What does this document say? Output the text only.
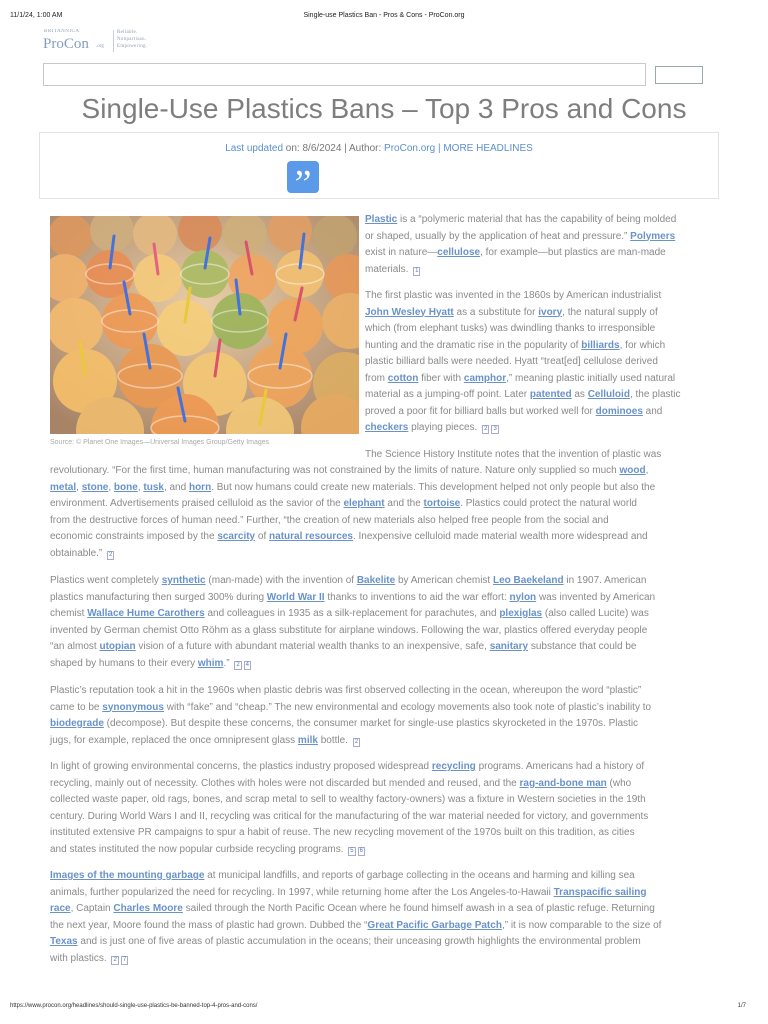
11/1/24, 1:00 AM	Single-use Plastics Ban - Pros & Cons - ProCon.org
BRITANNICA
ProCon .org
Reliable.
Nonpartisan.
Empowering.
Single-Use Plastics Bans – Top 3 Pros and Cons
Last updated on: 8/6/2024 | Author: ProCon.org | MORE HEADLINES
”
Source: © Planet One Images—Universal Images Group/Getty Images
Plastic is a “polymeric material that has the capability of being molded
or shaped, usually by the application of heat and pressure.” Polymers
exist in nature—cellulose, for example—but plastics are man-made
materials. 1
The first plastic was invented in the 1860s by American industrialist
John Wesley Hyatt as a substitute for ivory, the natural supply of
which (from elephant tusks) was dwindling thanks to irresponsible
hunting and the dramatic rise in the popularity of billiards, for which
plastic billiard balls were needed. Hyatt “treat[ed] cellulose derived
from cotton fiber with camphor,” meaning plastic initially used natural
material as a jumping-off point. Later patented as Celluloid, the plastic
proved a poor fit for billiard balls but worked well for dominoes and
checkers playing pieces. 2 3
The Science History Institute notes that the invention of plastic was
revolutionary. “For the first time, human manufacturing was not constrained by the limits of nature. Nature only supplied so much wood,
metal, stone, bone, tusk, and horn. But now humans could create new materials. This development helped not only people but also the
environment. Advertisements praised celluloid as the savior of the elephant and the tortoise. Plastics could protect the natural world
from the destructive forces of human need.” Further, “the creation of new materials also helped free people from the social and
economic constraints imposed by the scarcity of natural resources. Inexpensive celluloid made material wealth more widespread and
obtainable.” 2
Plastics went completely synthetic (man-made) with the invention of Bakelite by American chemist Leo Baekeland in 1907. American
plastics manufacturing then surged 300% during World War II thanks to inventions to aid the war effort: nylon was invented by American
chemist Wallace Hume Carothers and colleagues in 1935 as a silk-replacement for parachutes, and plexiglas (also called Lucite) was
invented by German chemist Otto Röhm as a glass substitute for airplane windows. Following the war, plastics offered everyday people
“an almost utopian vision of a future with abundant material wealth thanks to an inexpensive, safe, sanitary substance that could be
shaped by humans to their every whim.” 2 4
Plastic’s reputation took a hit in the 1960s when plastic debris was first observed collecting in the ocean, whereupon the word “plastic”
came to be synonymous with “fake” and “cheap.” The new environmental and ecology movements also took note of plastic’s inability to
biodegrade (decompose). But despite these concerns, the consumer market for single-use plastics skyrocketed in the 1970s. Plastic
jugs, for example, replaced the once omnipresent glass milk bottle. 2
In light of growing environmental concerns, the plastics industry proposed widespread recycling programs. Americans had a history of
recycling, mainly out of necessity. Clothes with holes were not discarded but mended and reused, and the rag-and-bone man (who
collected waste paper, old rags, bones, and scrap metal to sell to wealthy factory-owners) was a fixture in Western societies in the 19th
century. During World Wars I and II, recycling was critical for the manufacturing of the war material needed for victory, and governments
instituted extensive PR campaigns to spur a habit of reuse. The new recycling movement of the 1970s built on this tradition, as cities
and states instituted the now popular curbside recycling programs. 5 6
Images of the mounting garbage at municipal landfills, and reports of garbage collecting in the oceans and harming and killing sea
animals, further popularized the need for recycling. In 1997, while returning home after the Los Angeles-to-Hawaii Transpacific sailing
race, Captain Charles Moore sailed through the North Pacific Ocean where he found himself awash in a sea of plastic refuge. Returning
the next year, Moore found the mass of plastic had grown. Dubbed the “Great Pacific Garbage Patch,” it is now comparable to the size of
Texas and is just one of five areas of plastic accumulation in the oceans; their unceasing growth highlights the environmental problem
with plastics. 2 7
https://www.procon.org/headlines/should-single-use-plastics-be-banned-top-4-pros-and-cons/	1/7
